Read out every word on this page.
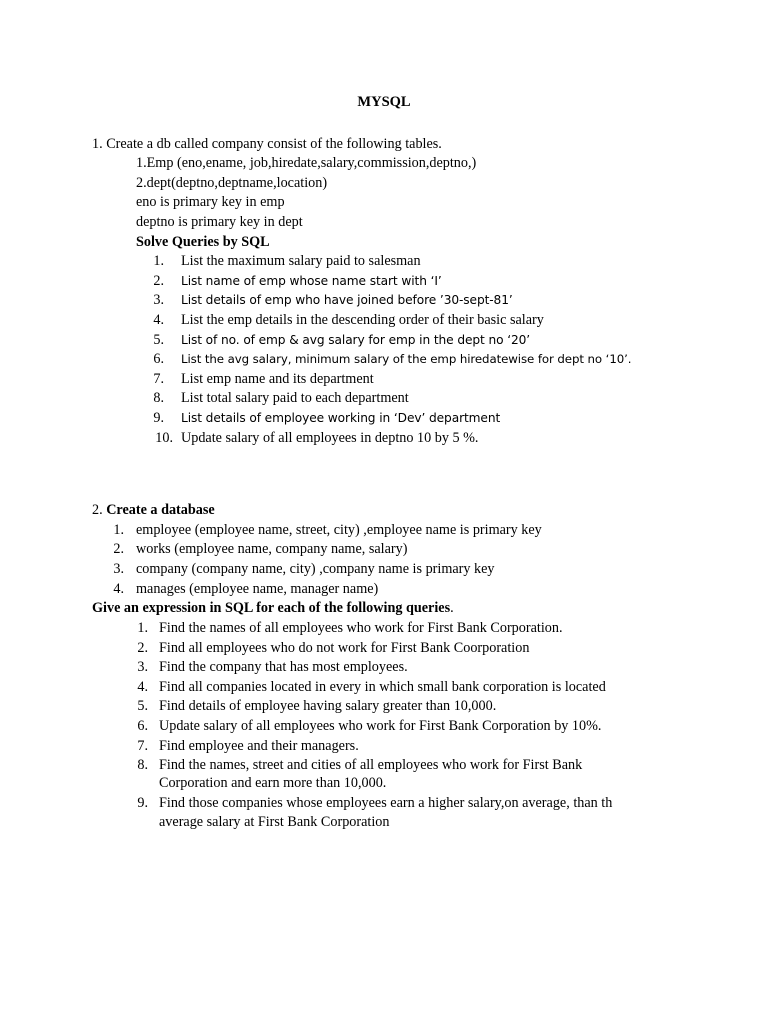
MYSQL
1. Create a db called company consist of the following tables.
1.Emp (eno,ename, job,hiredate,salary,commission,deptno,)
2.dept(deptno,deptname,location)
eno is primary key in emp
deptno is primary key in dept
Solve Queries by SQL
1. List the maximum salary paid to salesman
2. List name of emp whose name start with ‘I’
3. List details of emp who have joined before ’30-sept-81’
4. List the emp details in the descending order of their basic salary
5. List of no. of emp & avg salary for emp in the dept no ‘20’
6. List the avg salary, minimum salary of the emp hiredatewise for dept no ‘10’.
7. List emp name and its department
8. List total salary paid to each department
9. List details of employee working in ‘Dev’ department
10. Update salary of all employees in deptno 10 by 5 %.
2. Create a database
1. employee (employee name, street, city) ,employee name is primary key
2. works (employee name, company name, salary)
3. company (company name, city) ,company name is primary key
4. manages (employee name, manager name)
Give an expression in SQL for each of the following queries.
1. Find the names of all employees who work for First Bank Corporation.
2. Find all employees who do not work for First Bank Coorporation
3. Find the company that has most employees.
4. Find all companies located in every in which small bank corporation is located
5. Find details of employee having salary greater than 10,000.
6. Update salary of all employees who work for First Bank Corporation by 10%.
7. Find employee and their managers.
8. Find the names, street and cities of all employees who work for First Bank
Corporation and earn more than 10,000.
9. Find those companies whose employees earn a higher salary,on average, than th
average salary at First Bank Corporation
